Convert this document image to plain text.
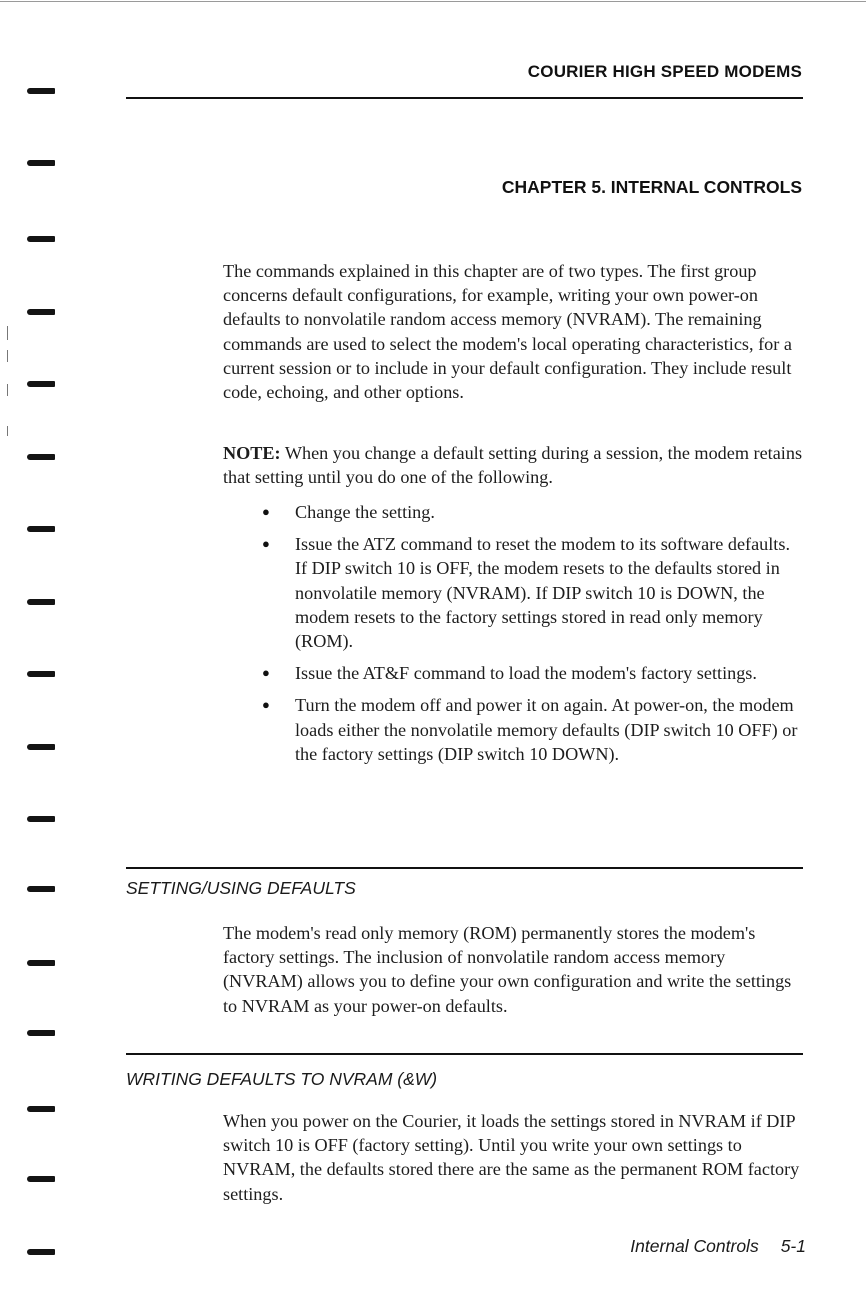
COURIER HIGH SPEED MODEMS
CHAPTER 5. INTERNAL CONTROLS

The commands explained in this chapter are of two types. The first group concerns default configurations, for example, writing your own power-on defaults to nonvolatile random access memory (NVRAM). The remaining commands are used to select the modem's local operating characteristics, for a current session or to include in your default configuration. They include result code, echoing, and other options.

NOTE: When you change a default setting during a session, the modem retains that setting until you do one of the following.

● Change the setting.
● Issue the ATZ command to reset the modem to its software defaults. If DIP switch 10 is OFF, the modem resets to the defaults stored in nonvolatile memory (NVRAM). If DIP switch 10 is DOWN, the modem resets to the factory settings stored in read only memory (ROM).
● Issue the AT&F command to load the modem's factory settings.
● Turn the modem off and power it on again. At power-on, the modem loads either the nonvolatile memory defaults (DIP switch 10 OFF) or the factory settings (DIP switch 10 DOWN).
SETTING/USING DEFAULTS

The modem's read only memory (ROM) permanently stores the modem's factory settings. The inclusion of nonvolatile random access memory (NVRAM) allows you to define your own configuration and write the settings to NVRAM as your power-on defaults.

WRITING DEFAULTS TO NVRAM (&W)

When you power on the Courier, it loads the settings stored in NVRAM if DIP switch 10 is OFF (factory setting). Until you write your own settings to NVRAM, the defaults stored there are the same as the permanent ROM factory settings.

Internal Controls 5-1
